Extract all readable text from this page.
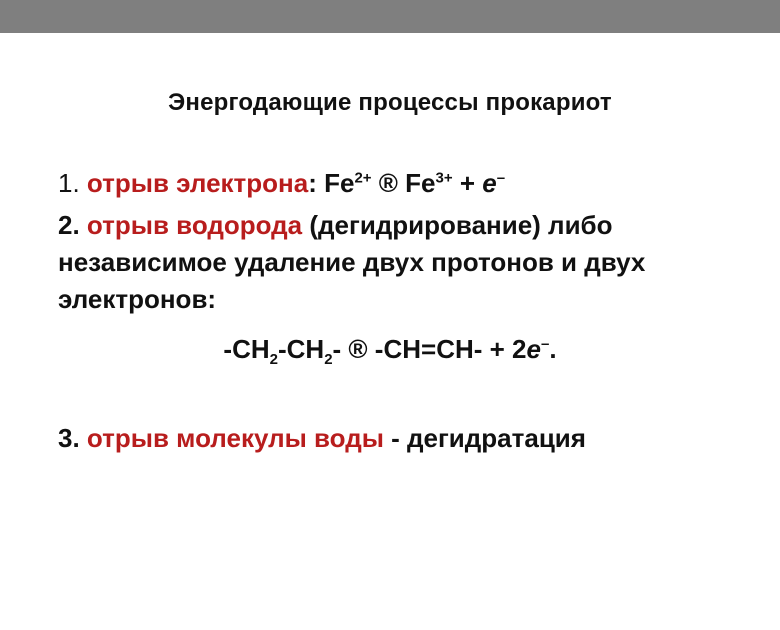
Энергодающие процессы прокариот
1. отрыв электрона: $Fe^{2+}$ ® $Fe^{3+} + e^-$
2. отрыв водорода (дегидрирование) либо
независимое удаление двух протонов и двух
электронов:
$-CH_2-CH_2-$ ® -CH=CH- + 2e–.
3. отрыв молекулы воды - дегидратация
